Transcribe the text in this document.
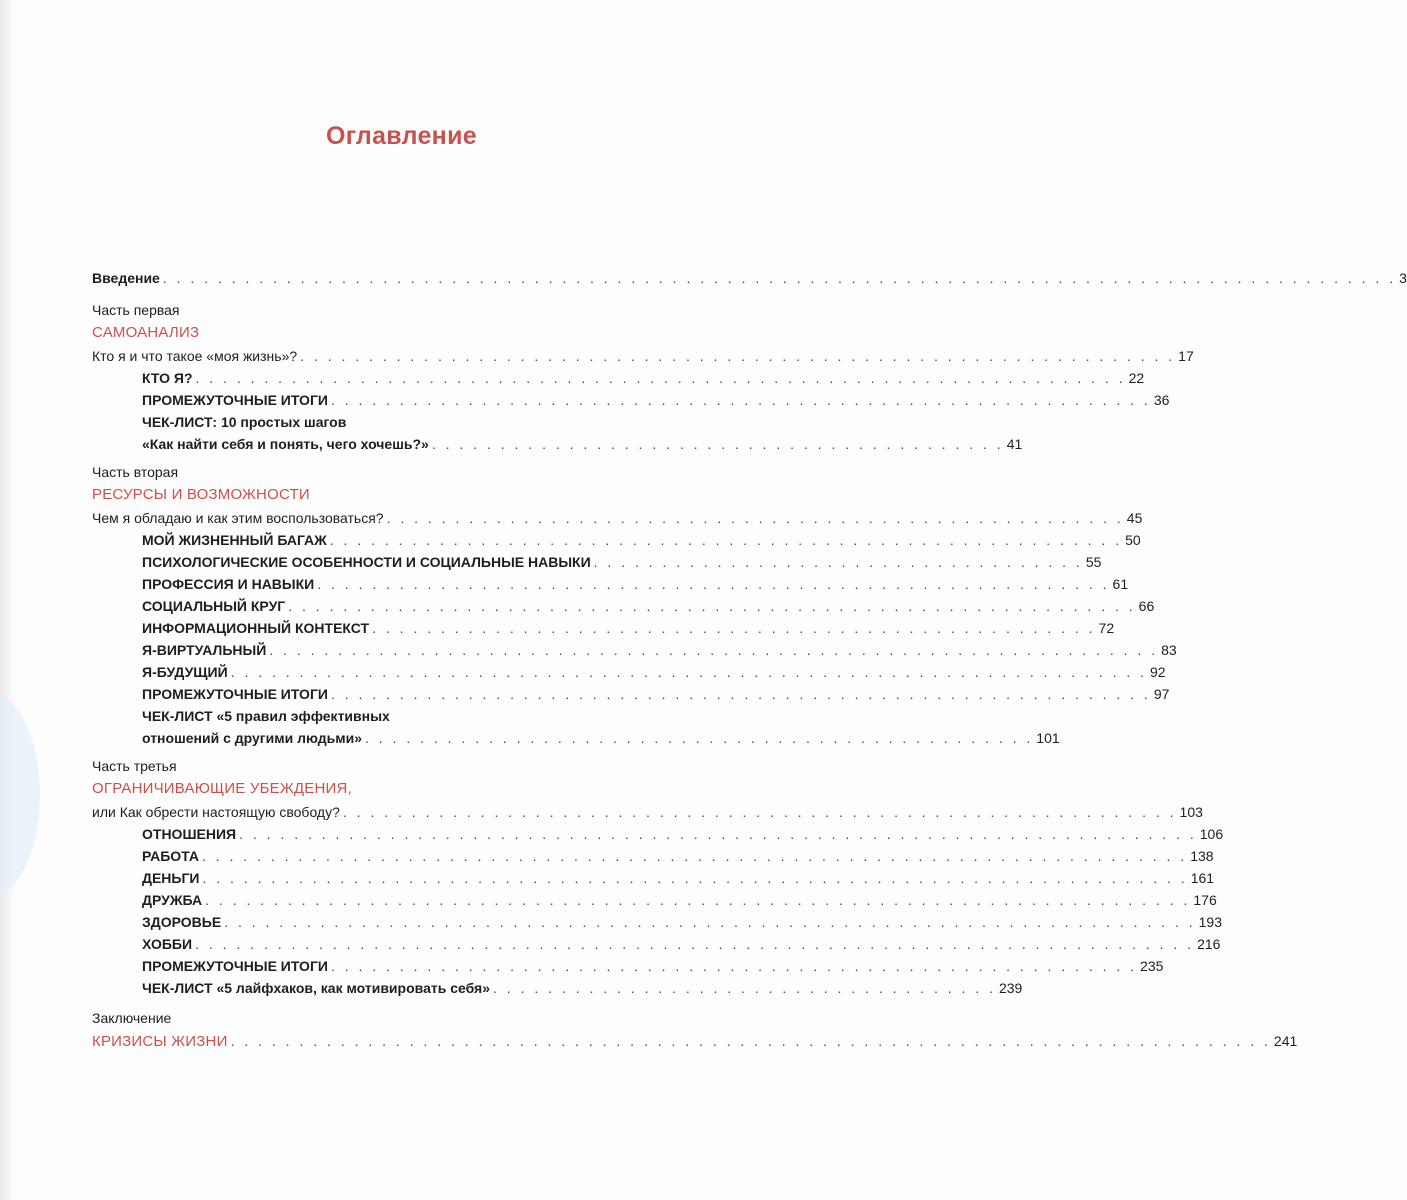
Оглавление
Введение . . . . . . . . . . . . . . . . . . . . . . . . . . . . . . . . . . . . . . . . . . . . . . . . . . . . . . . . . . . . . . . . . . . . . . . . . . . . . . . . . . . . . . . . . . 3
Часть первая
САМОАНАЛИЗ
Кто я и что такое «моя жизнь»? . . . . . . . . . . . . . . . . . . . . . . . . . . . . . . . . . . . . . . . . . . . . . . . . . . . . . . . . . . . . . . . . 17
КТО Я? . . . . . . . . . . . . . . . . . . . . . . . . . . . . . . . . . . . . . . . . . . . . . . . . . . . . . . . . . . . . . . . . . . . . 22
ПРОМЕЖУТОЧНЫЕ ИТОГИ . . . . . . . . . . . . . . . . . . . . . . . . . . . . . . . . . . . . . . . . . . . . . . . . . . . . . . . . . . . . 36
ЧЕК-ЛИСТ: 10 простых шагов
«Как найти себя и понять, чего хочешь?» . . . . . . . . . . . . . . . . . . . . . . . . . . . . . . . . . . . . . . . . . . 41
Часть вторая
РЕСУРСЫ И ВОЗМОЖНОСТИ
Чем я обладаю и как этим воспользоваться? . . . . . . . . . . . . . . . . . . . . . . . . . . . . . . . . . . . . . . . . . . . . . . . . . . . . . . 45
МОЙ ЖИЗНЕННЫЙ БАГАЖ . . . . . . . . . . . . . . . . . . . . . . . . . . . . . . . . . . . . . . . . . . . . . . . . . . . . . . . . . . 50
ПСИХОЛОГИЧЕСКИЕ ОСОБЕННОСТИ И СОЦИАЛЬНЫЕ НАВЫКИ . . . . . . . . . . . . . . . . . . . . . . . . . . . . . . . . . . . . 55
ПРОФЕССИЯ И НАВЫКИ . . . . . . . . . . . . . . . . . . . . . . . . . . . . . . . . . . . . . . . . . . . . . . . . . . . . . . . . . . 61
СОЦИАЛЬНЫЙ КРУГ . . . . . . . . . . . . . . . . . . . . . . . . . . . . . . . . . . . . . . . . . . . . . . . . . . . . . . . . . . . . . . 66
ИНФОРМАЦИОННЫЙ КОНТЕКСТ . . . . . . . . . . . . . . . . . . . . . . . . . . . . . . . . . . . . . . . . . . . . . . . . . . . . . 72
Я-ВИРТУАЛЬНЫЙ . . . . . . . . . . . . . . . . . . . . . . . . . . . . . . . . . . . . . . . . . . . . . . . . . . . . . . . . . . . . . . . . . 83
Я-БУДУЩИЙ . . . . . . . . . . . . . . . . . . . . . . . . . . . . . . . . . . . . . . . . . . . . . . . . . . . . . . . . . . . . . . . . . . . 92
ПРОМЕЖУТОЧНЫЕ ИТОГИ . . . . . . . . . . . . . . . . . . . . . . . . . . . . . . . . . . . . . . . . . . . . . . . . . . . . . . . . . . . . 97
ЧЕК-ЛИСТ «5 правил эффективных
отношений с другими людьми» . . . . . . . . . . . . . . . . . . . . . . . . . . . . . . . . . . . . . . . . . . . . . . . . . 101
Часть третья
ОГРАНИЧИВАЮЩИЕ УБЕЖДЕНИЯ,
или Как обрести настоящую свободу? . . . . . . . . . . . . . . . . . . . . . . . . . . . . . . . . . . . . . . . . . . . . . . . . . . . . . . . . . . . . . 103
ОТНОШЕНИЯ . . . . . . . . . . . . . . . . . . . . . . . . . . . . . . . . . . . . . . . . . . . . . . . . . . . . . . . . . . . . . . . . . . . . . . 106
РАБОТА . . . . . . . . . . . . . . . . . . . . . . . . . . . . . . . . . . . . . . . . . . . . . . . . . . . . . . . . . . . . . . . . . . . . . . . . 138
ДЕНЬГИ . . . . . . . . . . . . . . . . . . . . . . . . . . . . . . . . . . . . . . . . . . . . . . . . . . . . . . . . . . . . . . . . . . . . . . . . 161
ДРУЖБА . . . . . . . . . . . . . . . . . . . . . . . . . . . . . . . . . . . . . . . . . . . . . . . . . . . . . . . . . . . . . . . . . . . . . . . . 176
ЗДОРОВЬЕ . . . . . . . . . . . . . . . . . . . . . . . . . . . . . . . . . . . . . . . . . . . . . . . . . . . . . . . . . . . . . . . . . . . . . . . 193
ХОББИ . . . . . . . . . . . . . . . . . . . . . . . . . . . . . . . . . . . . . . . . . . . . . . . . . . . . . . . . . . . . . . . . . . . . . . . . . 216
ПРОМЕЖУТОЧНЫЕ ИТОГИ . . . . . . . . . . . . . . . . . . . . . . . . . . . . . . . . . . . . . . . . . . . . . . . . . . . . . . . . . . . 235
ЧЕК-ЛИСТ «5 лайфхаков, как мотивировать себя» . . . . . . . . . . . . . . . . . . . . . . . . . . . . . . . . . . . . . 239
Заключение
КРИЗИСЫ ЖИЗНИ . . . . . . . . . . . . . . . . . . . . . . . . . . . . . . . . . . . . . . . . . . . . . . . . . . . . . . . . . . . . . . . . . . . . . . . . . . . . 241
